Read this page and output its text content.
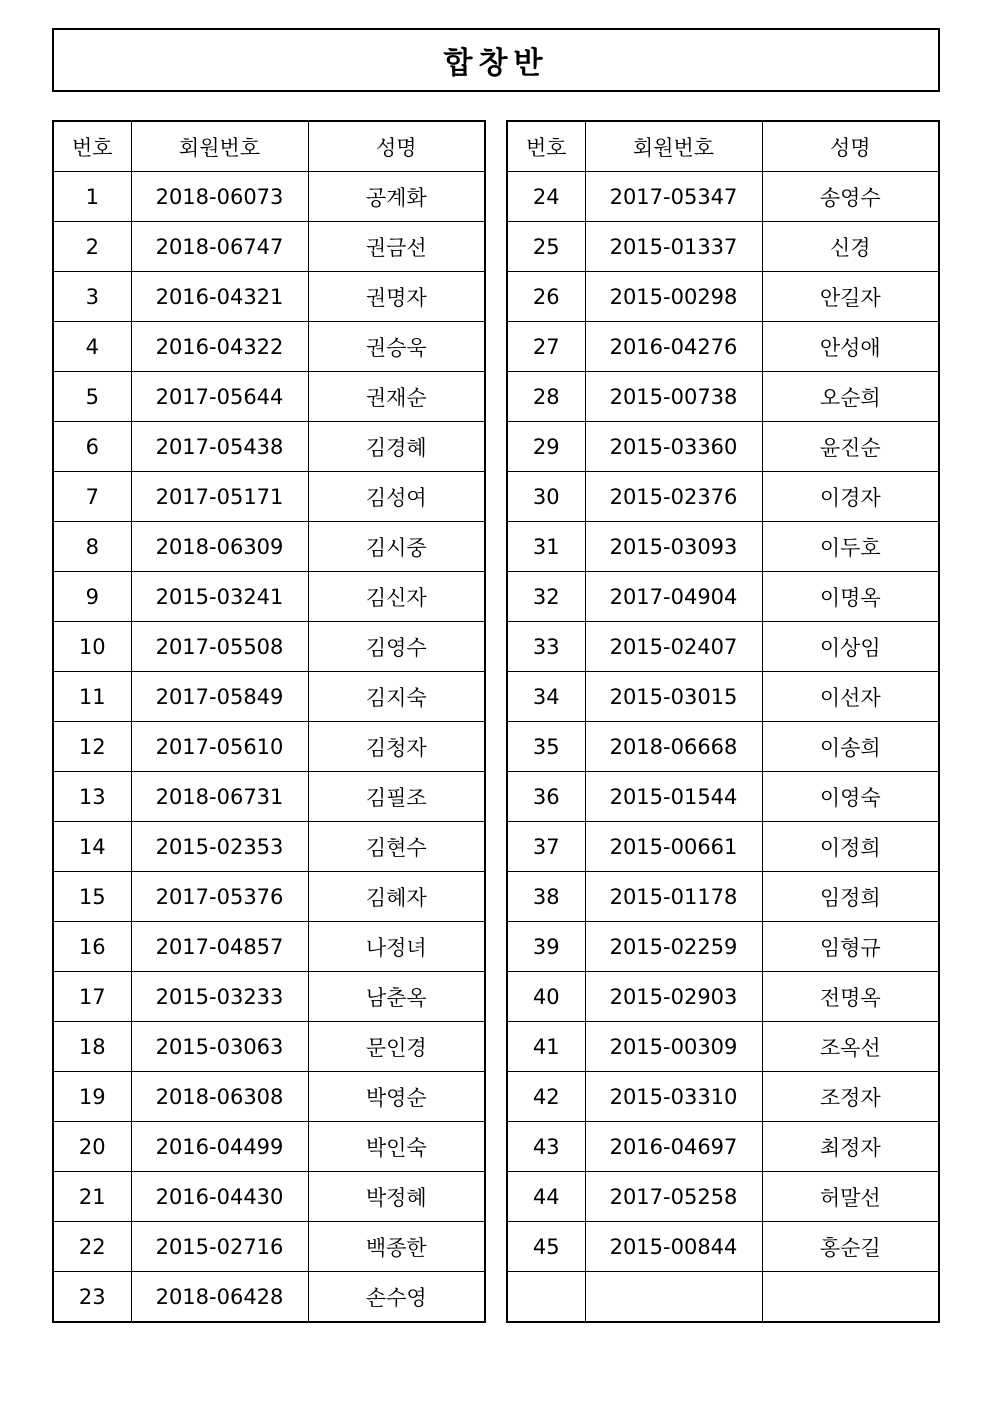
합창반
번호	회원번호	성명
1	2018-06073	공계화
2	2018-06747	권금선
3	2016-04321	권명자
4	2016-04322	권승욱
5	2017-05644	권재순
6	2017-05438	김경혜
7	2017-05171	김성여
8	2018-06309	김시중
9	2015-03241	김신자
10	2017-05508	김영수
11	2017-05849	김지숙
12	2017-05610	김청자
13	2018-06731	김필조
14	2015-02353	김현수
15	2017-05376	김혜자
16	2017-04857	나정녀
17	2015-03233	남춘옥
18	2015-03063	문인경
19	2018-06308	박영순
20	2016-04499	박인숙
21	2016-04430	박정혜
22	2015-02716	백종한
23	2018-06428	손수영
번호	회원번호	성명
24	2017-05347	송영수
25	2015-01337	신경
26	2015-00298	안길자
27	2016-04276	안성애
28	2015-00738	오순희
29	2015-03360	윤진순
30	2015-02376	이경자
31	2015-03093	이두호
32	2017-04904	이명옥
33	2015-02407	이상임
34	2015-03015	이선자
35	2018-06668	이송희
36	2015-01544	이영숙
37	2015-00661	이정희
38	2015-01178	임정희
39	2015-02259	임형규
40	2015-02903	전명옥
41	2015-00309	조옥선
42	2015-03310	조정자
43	2016-04697	최정자
44	2017-05258	허말선
45	2015-00844	홍순길
